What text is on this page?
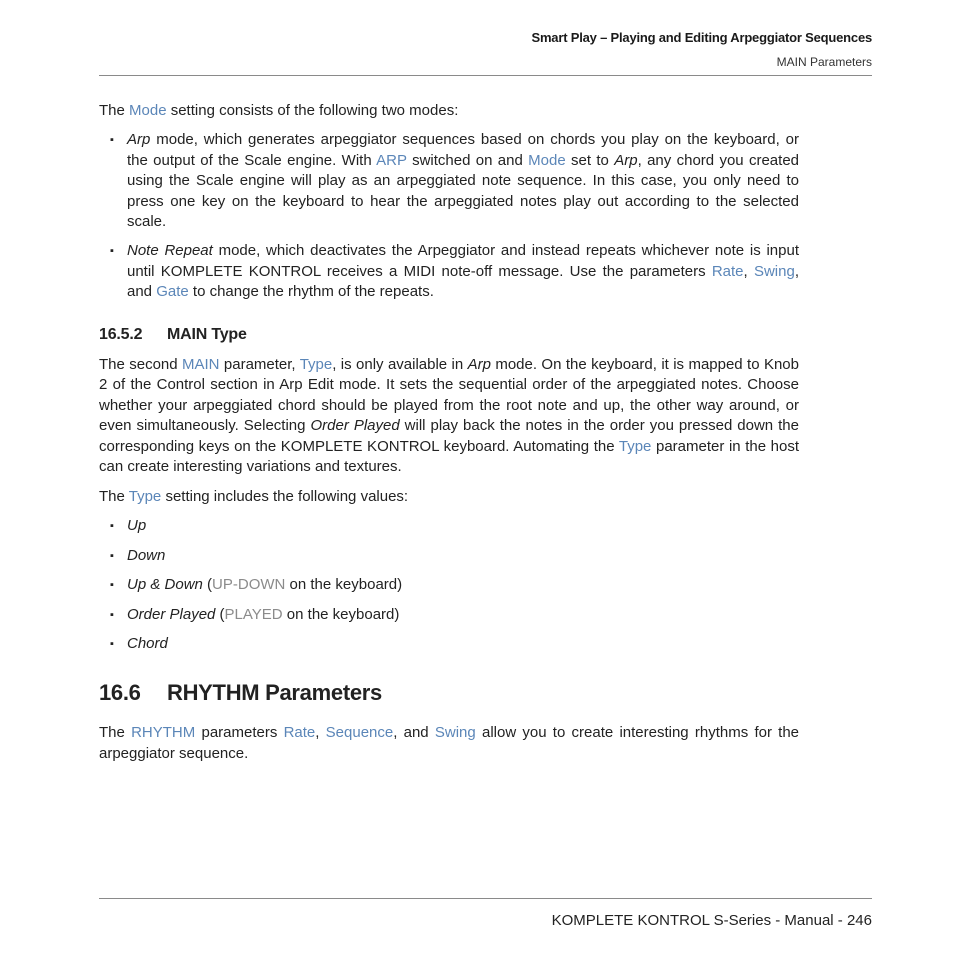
Smart Play – Playing and Editing Arpeggiator Sequences
MAIN Parameters

The Mode setting consists of the following two modes:

▪ Arp mode, which generates arpeggiator sequences based on chords you play on the keyboard, or the output of the Scale engine. With ARP switched on and Mode set to Arp, any chord you created using the Scale engine will play as an arpeggiated note sequence. In this case, you only need to press one key on the keyboard to hear the arpeggiated notes play out according to the selected scale.
▪ Note Repeat mode, which deactivates the Arpeggiator and instead repeats whichever note is input until KOMPLETE KONTROL receives a MIDI note-off message. Use the parameters Rate, Swing, and Gate to change the rhythm of the repeats.
16.5.2 MAIN Type

The second MAIN parameter, Type, is only available in Arp mode. On the keyboard, it is mapped to Knob 2 of the Control section in Arp Edit mode. It sets the sequential order of the arpeggiated notes. Choose whether your arpeggiated chord should be played from the root note and up, the other way around, or even simultaneously. Selecting Order Played will play back the notes in the order you pressed down the corresponding keys on the KOMPLETE KONTROL keyboard. Automating the Type parameter in the host can create interesting variations and textures.

The Type setting includes the following values:

▪ Up
▪ Down
▪ Up & Down (UP-DOWN on the keyboard)
▪ Order Played (PLAYED on the keyboard)
▪ Chord
16.6 RHYTHM Parameters

The RHYTHM parameters Rate, Sequence, and Swing allow you to create interesting rhythms for the arpeggiator sequence.

KOMPLETE KONTROL S-Series - Manual - 246
